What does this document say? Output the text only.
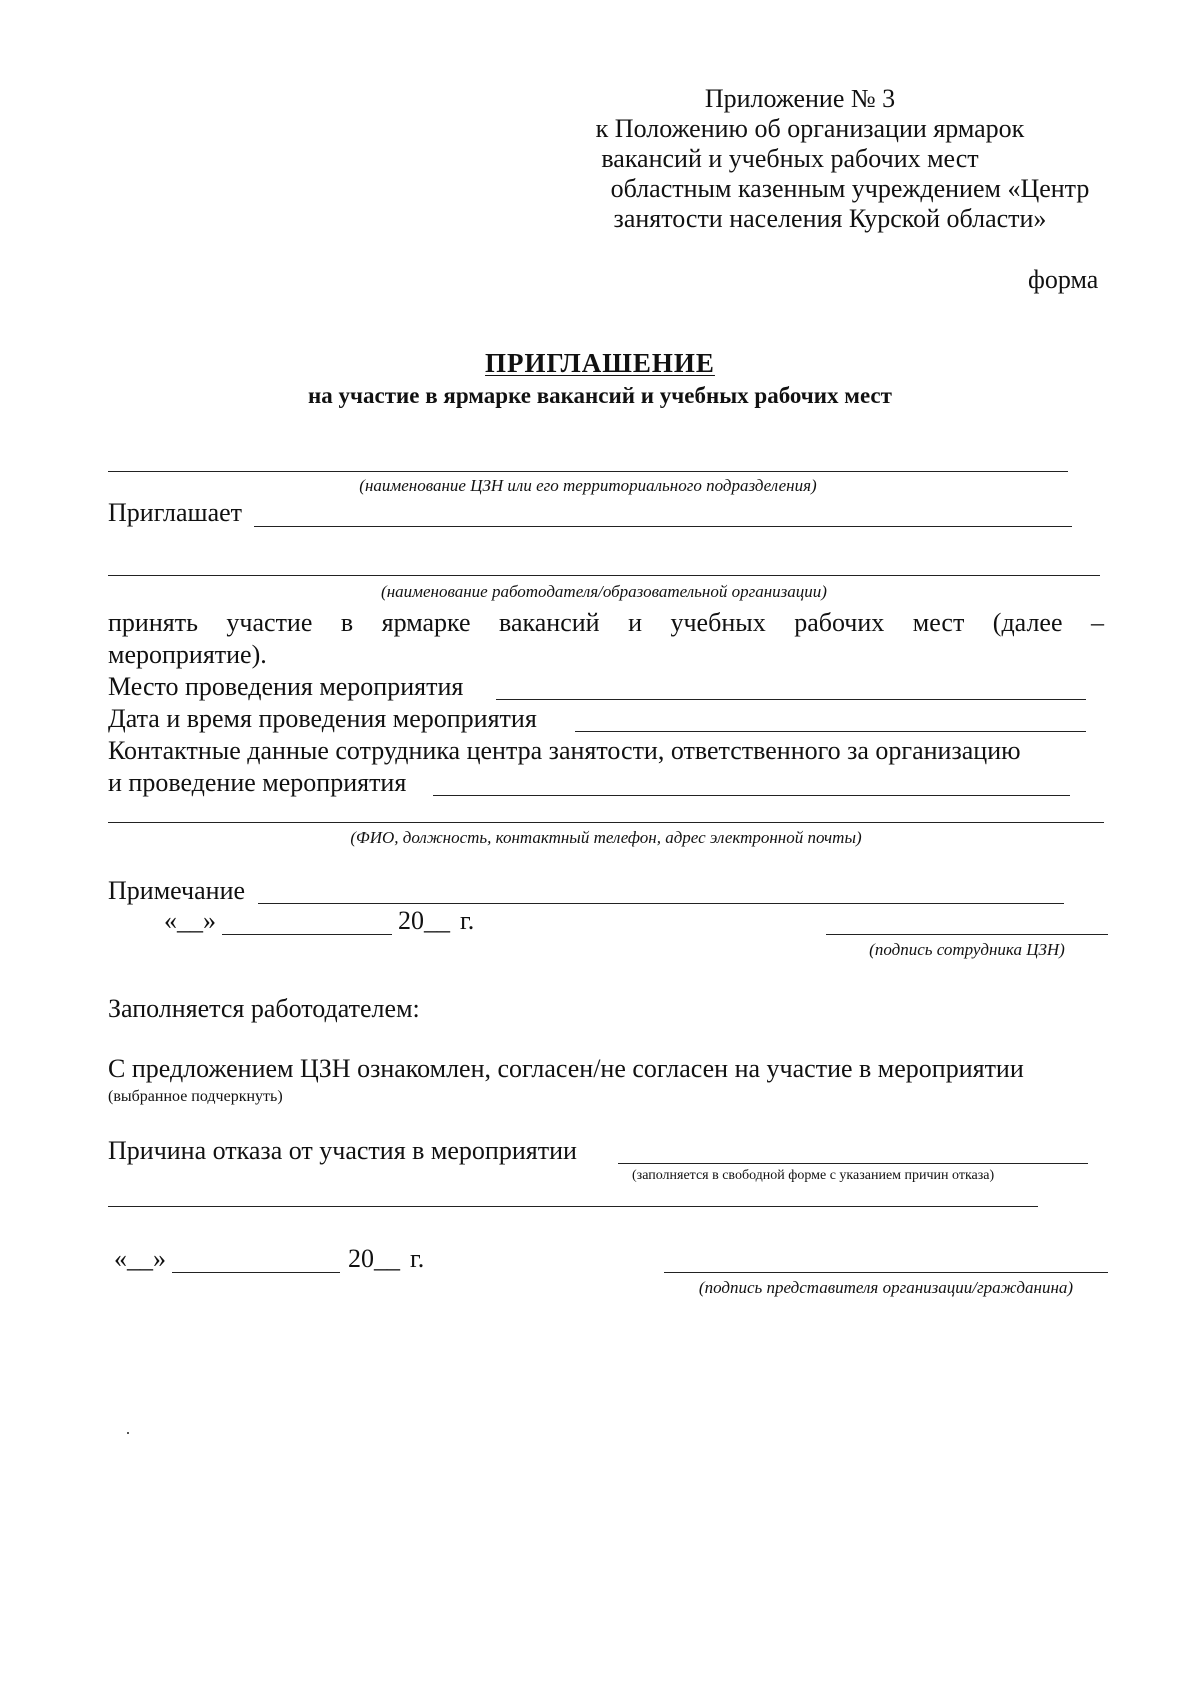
Приложение № 3
к Положению об организации ярмарок
вакансий и учебных рабочих мест
областным казенным учреждением «Центр
занятости населения Курской области»
форма
ПРИГЛАШЕНИЕ
на участие в ярмарке вакансий и учебных рабочих мест
(наименование ЦЗН или его территориального подразделения)
Приглашает
(наименование работодателя/образовательной организации)
принять участие в ярмарке вакансий и учебных рабочих мест (далее –
мероприятие).
Место проведения мероприятия
Дата и время проведения мероприятия
Контактные данные сотрудника центра занятости, ответственного за организацию
и проведение мероприятия
(ФИО, должность, контактный телефон, адрес электронной почты)
Примечание
«__»	20__ г.
(подпись сотрудника ЦЗН)
Заполняется работодателем:
С предложением ЦЗН ознакомлен, согласен/не согласен на участие в мероприятии
(выбранное подчеркнуть)
Причина отказа от участия в мероприятии
(заполняется в свободной форме с указанием причин отказа)
«__»	20__ г.
(подпись представителя организации/гражданина)
